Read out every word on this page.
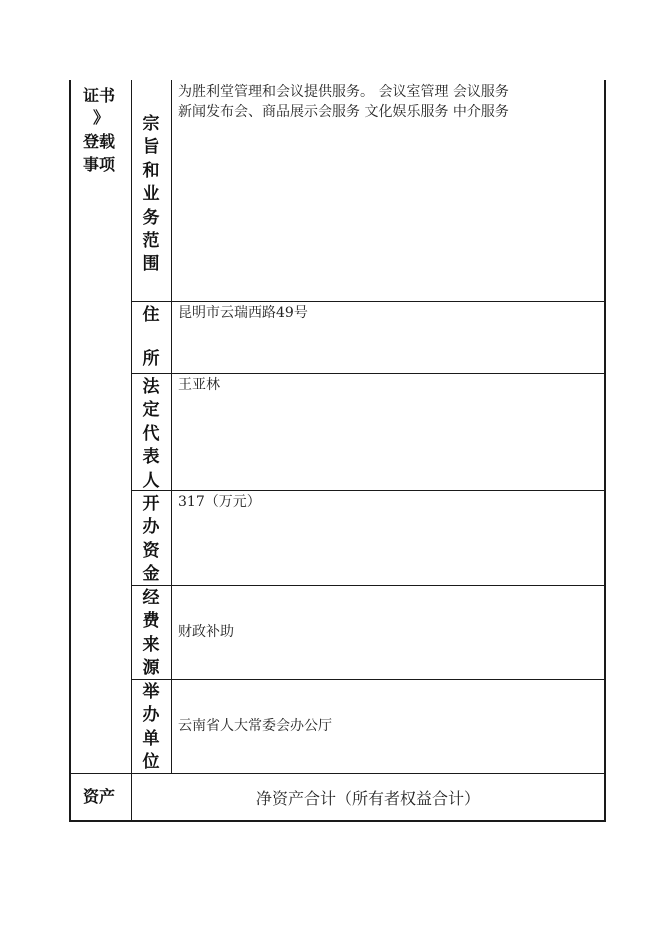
证书
》
登载
事项
宗
旨
和
业
务
范
围
为胜利堂管理和会议提供服务。 会议室管理 会议服务
新闻发布会、商品展示会服务 文化娱乐服务 中介服务
住
所
昆明市云瑞西路49号
法
定
代
表
人
王亚林
开
办
资
金
317（万元）
经
费
来
源
财政补助
举
办
单
位
云南省人大常委会办公厅
资产	净资产合计（所有者权益合计）
